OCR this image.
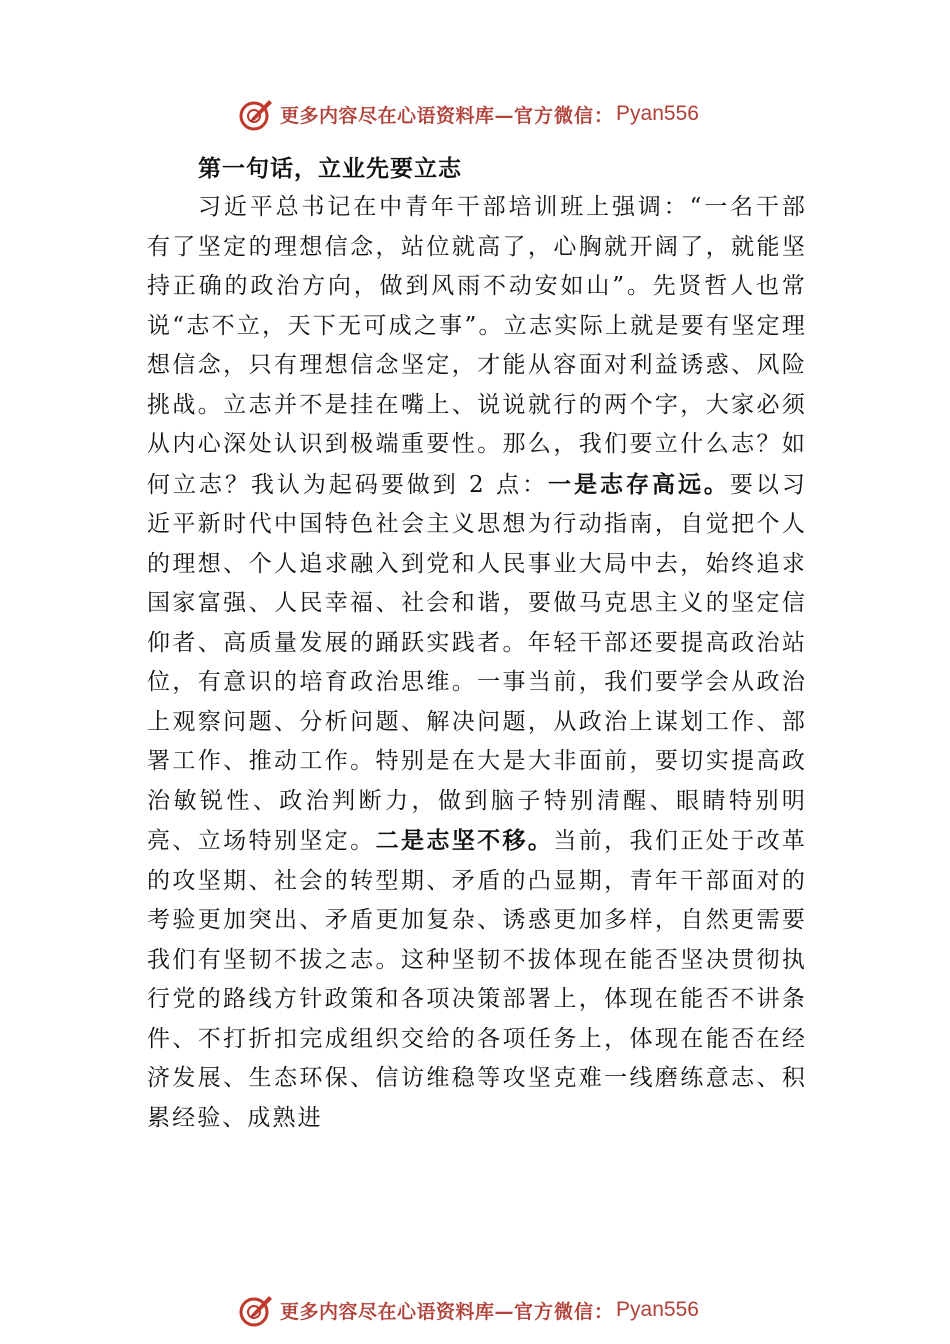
更多内容尽在心语资料库— 官方微信： Pyan556
第一句话，立业先要立志

习近平总书记在中青年干部培训班上强调：“一名干部有了坚定的理想信念，站位就高了，心胸就开阔了，就能坚持正确的政治方向，做到风雨不动安如山”。先贤哲人也常说“志不立，天下无可成之事”。立志实际上就是要有坚定理想信念，只有理想信念坚定，才能从容面对利益诱惑、风险挑战。立志并不是挂在嘴上、说说就行的两个字，大家必须从内心深处认识到极端重要性。那么，我们要立什么志？如何立志？我认为起码要做到 2 点：一是志存高远。要以习近平新时代中国特色社会主义思想为行动指南，自觉把个人的理想、个人追求融入到党和人民事业大局中去，始终追求国家富强、人民幸福、社会和谐，要做马克思主义的坚定信仰者、高质量发展的踊跃实践者。年轻干部还要提高政治站位，有意识的培育政治思维。一事当前，我们要学会从政治上观察问题、分析问题、解决问题，从政治上谋划工作、部署工作、推动工作。特别是在大是大非面前，要切实提高政治敏锐性、政治判断力，做到脑子特别清醒、眼睛特别明亮、立场特别坚定。二是志坚不移。当前，我们正处于改革的攻坚期、社会的转型期、矛盾的凸显期，青年干部面对的考验更加突出、矛盾更加复杂、诱惑更加多样，自然更需要我们有坚韧不拔之志。这种坚韧不拔体现在能否坚决贯彻执行党的路线方针政策和各项决策部署上，体现在能否不讲条件、不打折扣完成组织交给的各项任务上，体现在能否在经济发展、生态环保、信访维稳等攻坚克难一线磨练意志、积累经验、成熟进

更多内容尽在心语资料库— 官方微信： Pyan556
